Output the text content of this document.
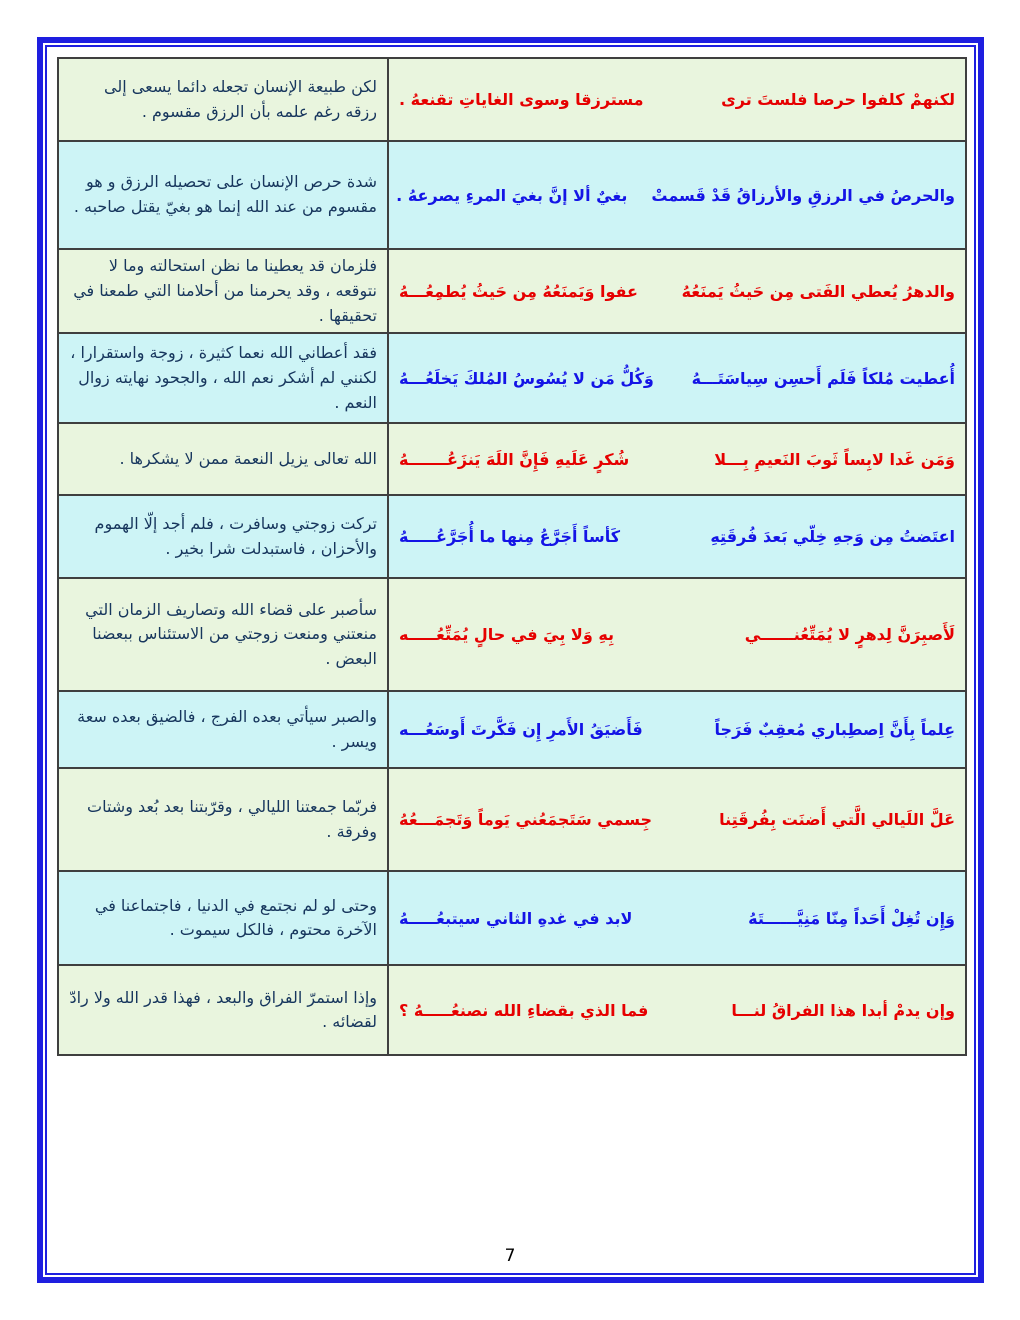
لكنهمْ كلفوا حرصا فلستَ ترى
مسترزقا وسوى الغاياتِ تقنعهُ .	لكن طبيعة الإنسان تجعله دائما يسعى إلى رزقه رغم علمه بأن الرزق مقسوم .

والحرصُ في الرزقِ والأرزاقُ قَدْ قَسمتْ
بغيٌ ألا إنَّ بغيَ المرءِ يصرعهُ .	شدة حرص الإنسان على تحصيله الرزق و هو مقسوم من عند الله إنما هو بغيّ يقتل صاحبه .

والدهرُ يُعطي الفَتى مِن حَيثُ يَمنَعُهُ
عفوا وَيَمنَعُهُ مِن حَيثُ يُطمِعُـــهُ	فلزمان قد يعطينا ما نظن استحالته وما لا نتوقعه ، وقد يحرمنا من أحلامنا التي طمعنا في تحقيقها .

أُعطيت مُلكاً فَلَم أَحسِن سِياسَتَـــهُ
وَكُلُّ مَن لا يُسُوسُ المُلكَ يَخلَعُـــهُ	فقد أعطاني الله نعما كثيرة ، زوجة واستقرارا ، لكنني لم أشكر نعم الله ، والجحود نهايته زوال النعم .

وَمَن غَدا لابِساً ثَوبَ النَعيمِ بِـــلا
شُكرٍ عَلَيهِ فَإِنَّ اللَهَ يَنزَعُـــــــهُ	الله تعالى يزيل النعمة ممن لا يشكرها .

اعتَضتُ مِن وَجهِ خِلّي بَعدَ فُرقَتِهِ
كَأساً أَجَرَّعُ مِنها ما أُجَرَّعُـــــهُ	تركت زوجتي وسافرت ، فلم أجد إلّا الهموم والأحزان ، فاستبدلت شرا بخير .

لَأَصبِرَنَّ لِدهرٍ لا يُمَتِّعُنــــــي
بِهِ وَلا بِيَ في حالٍ يُمَتِّعُـــــه	سأصبر على قضاء الله وتصاريف الزمان التي منعتني ومنعت زوجتي من الاستئناس ببعضنا البعض .

عِلماً بِأَنَّ اِصطِباري مُعقِبٌ فَرَجاً
فَأَضيَقُ الأَمرِ إِن فَكَّرتَ أَوسَعُـــه	والصبر سيأتي بعده الفرج ، فالضيق بعده سعة ويسر .

عَلَّ اللَيالي الَّتي أَضنَت بِفُرقَتِنا
جِسمي سَتَجمَعُني يَوماً وَتَجمَـــعُهُ	فربّما جمعتنا الليالي ، وقرّبتنا بعد بُعد وشتات وفرقة .

وَإِن تُغِلْ أَحَداً مِنّا مَنِيَّــــــتَهُ
لابد في غدهِ الثاني سيتبعُـــــهُ	وحتى لو لم نجتمع في الدنيا ، فاجتماعنا في الآخرة محتوم ، فالكل سيموت .

وإن يدمْ أبدا هذا الفراقُ لنـــا
فما الذي بقضاءِ الله نصنعُـــــهُ ؟	وإذا استمرّ الفراق والبعد ، فهذا قدر الله ولا رادّ لقضائه .
7
